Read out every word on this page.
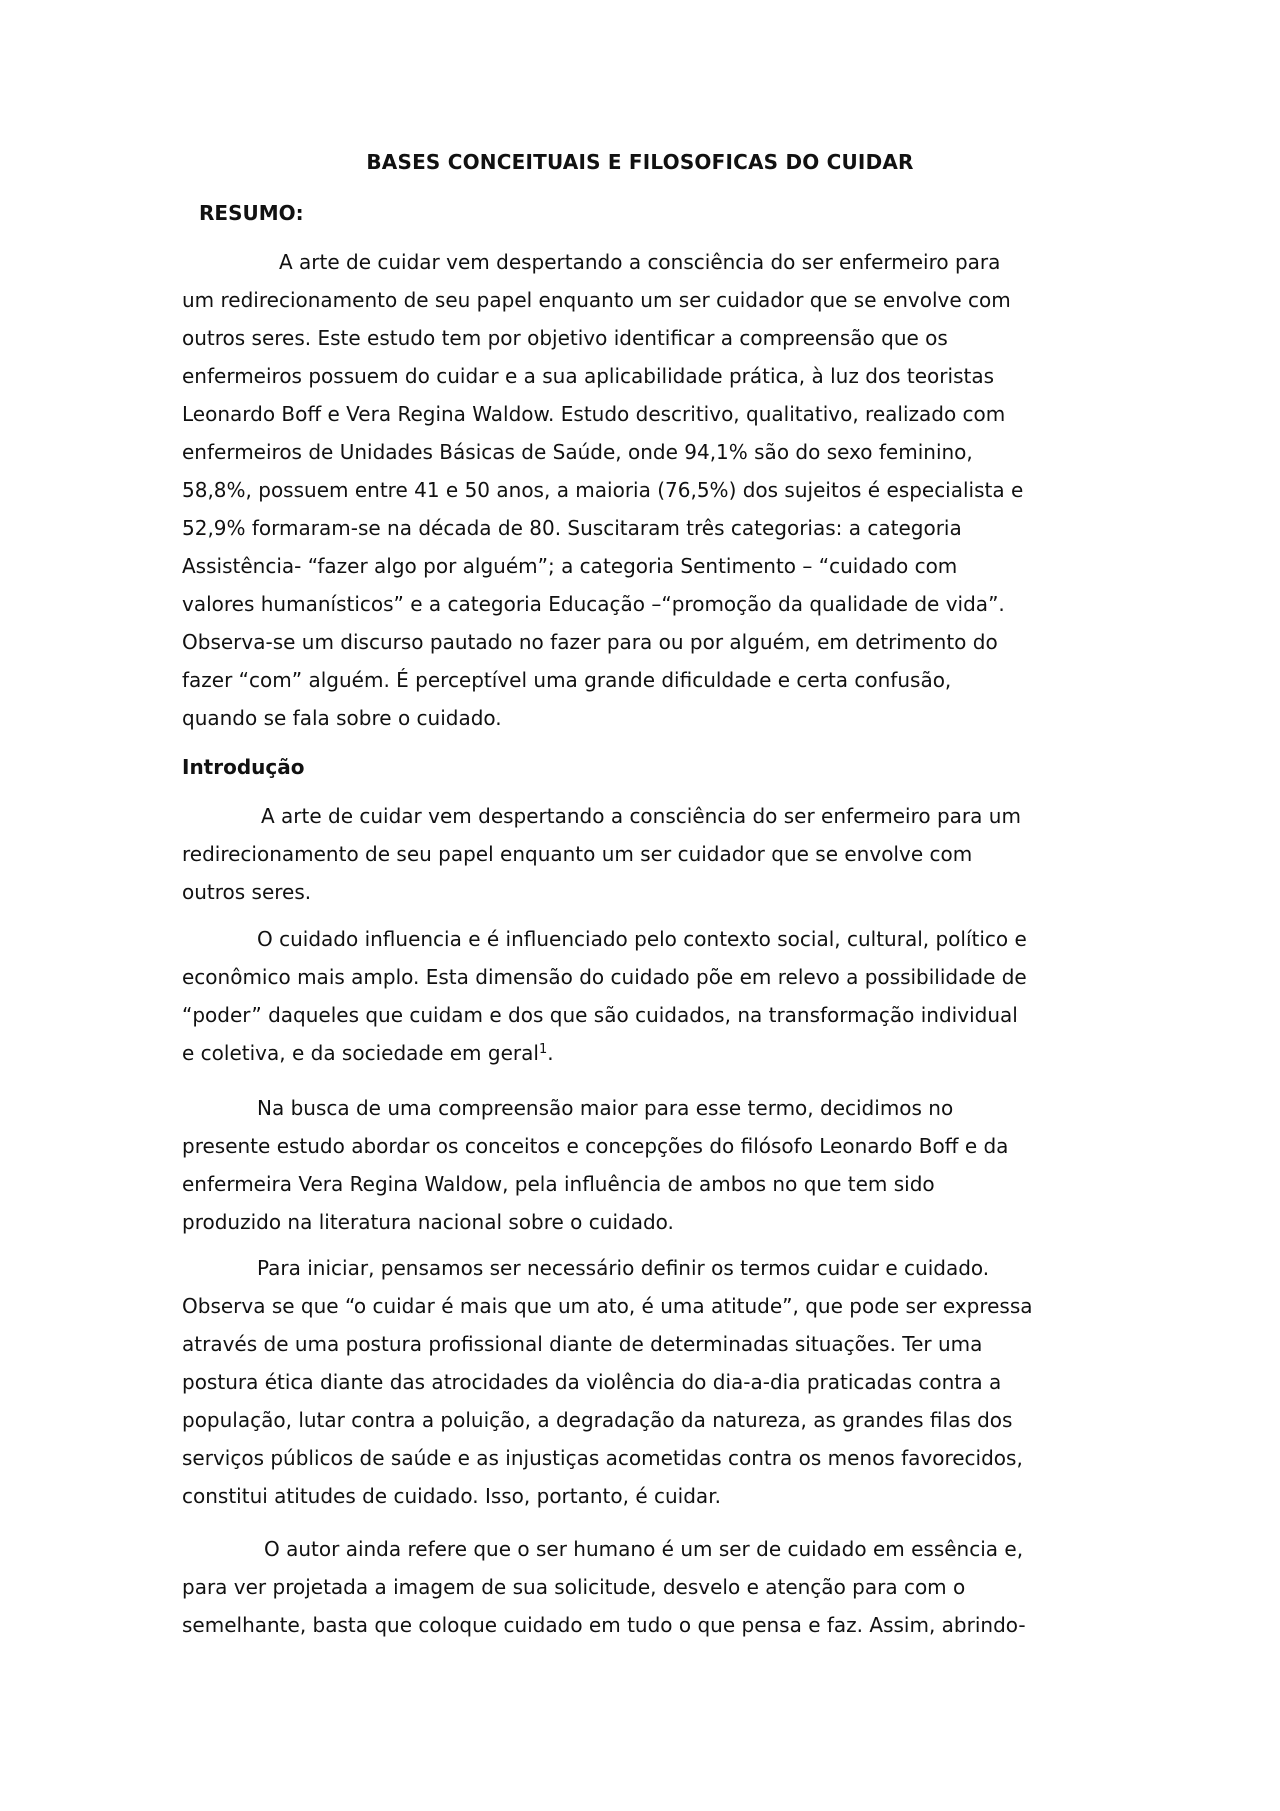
BASES CONCEITUAIS E FILOSOFICAS DO CUIDAR
RESUMO:
A arte de cuidar vem despertando a consciência do ser enfermeiro para
um redirecionamento de seu papel enquanto um ser cuidador que se envolve com
outros seres. Este estudo tem por objetivo identificar a compreensão que os
enfermeiros possuem do cuidar e a sua aplicabilidade prática, à luz dos teoristas
Leonardo Boff e Vera Regina Waldow. Estudo descritivo, qualitativo, realizado com
enfermeiros de Unidades Básicas de Saúde, onde 94,1% são do sexo feminino,
58,8%, possuem entre 41 e 50 anos, a maioria (76,5%) dos sujeitos é especialista e
52,9% formaram-se na década de 80. Suscitaram três categorias: a categoria
Assistência- “fazer algo por alguém”; a categoria Sentimento – “cuidado com
valores humanísticos” e a categoria Educação –“promoção da qualidade de vida”.
Observa-se um discurso pautado no fazer para ou por alguém, em detrimento do
fazer “com” alguém. É perceptível uma grande dificuldade e certa confusão,
quando se fala sobre o cuidado.
Introdução
A arte de cuidar vem despertando a consciência do ser enfermeiro para um
redirecionamento de seu papel enquanto um ser cuidador que se envolve com
outros seres.
O cuidado influencia e é influenciado pelo contexto social, cultural, político e
econômico mais amplo. Esta dimensão do cuidado põe em relevo a possibilidade de
“poder” daqueles que cuidam e dos que são cuidados, na transformação individual
e coletiva, e da sociedade em geral$^1$.
Na busca de uma compreensão maior para esse termo, decidimos no
presente estudo abordar os conceitos e concepções do filósofo Leonardo Boff e da
enfermeira Vera Regina Waldow, pela influência de ambos no que tem sido
produzido na literatura nacional sobre o cuidado.
Para iniciar, pensamos ser necessário definir os termos cuidar e cuidado.
Observa se que “o cuidar é mais que um ato, é uma atitude”, que pode ser expressa
através de uma postura profissional diante de determinadas situações. Ter uma
postura ética diante das atrocidades da violência do dia-a-dia praticadas contra a
população, lutar contra a poluição, a degradação da natureza, as grandes filas dos
serviços públicos de saúde e as injustiças acometidas contra os menos favorecidos,
constitui atitudes de cuidado. Isso, portanto, é cuidar.
O autor ainda refere que o ser humano é um ser de cuidado em essência e,
para ver projetada a imagem de sua solicitude, desvelo e atenção para com o
semelhante, basta que coloque cuidado em tudo o que pensa e faz. Assim, abrindo-
